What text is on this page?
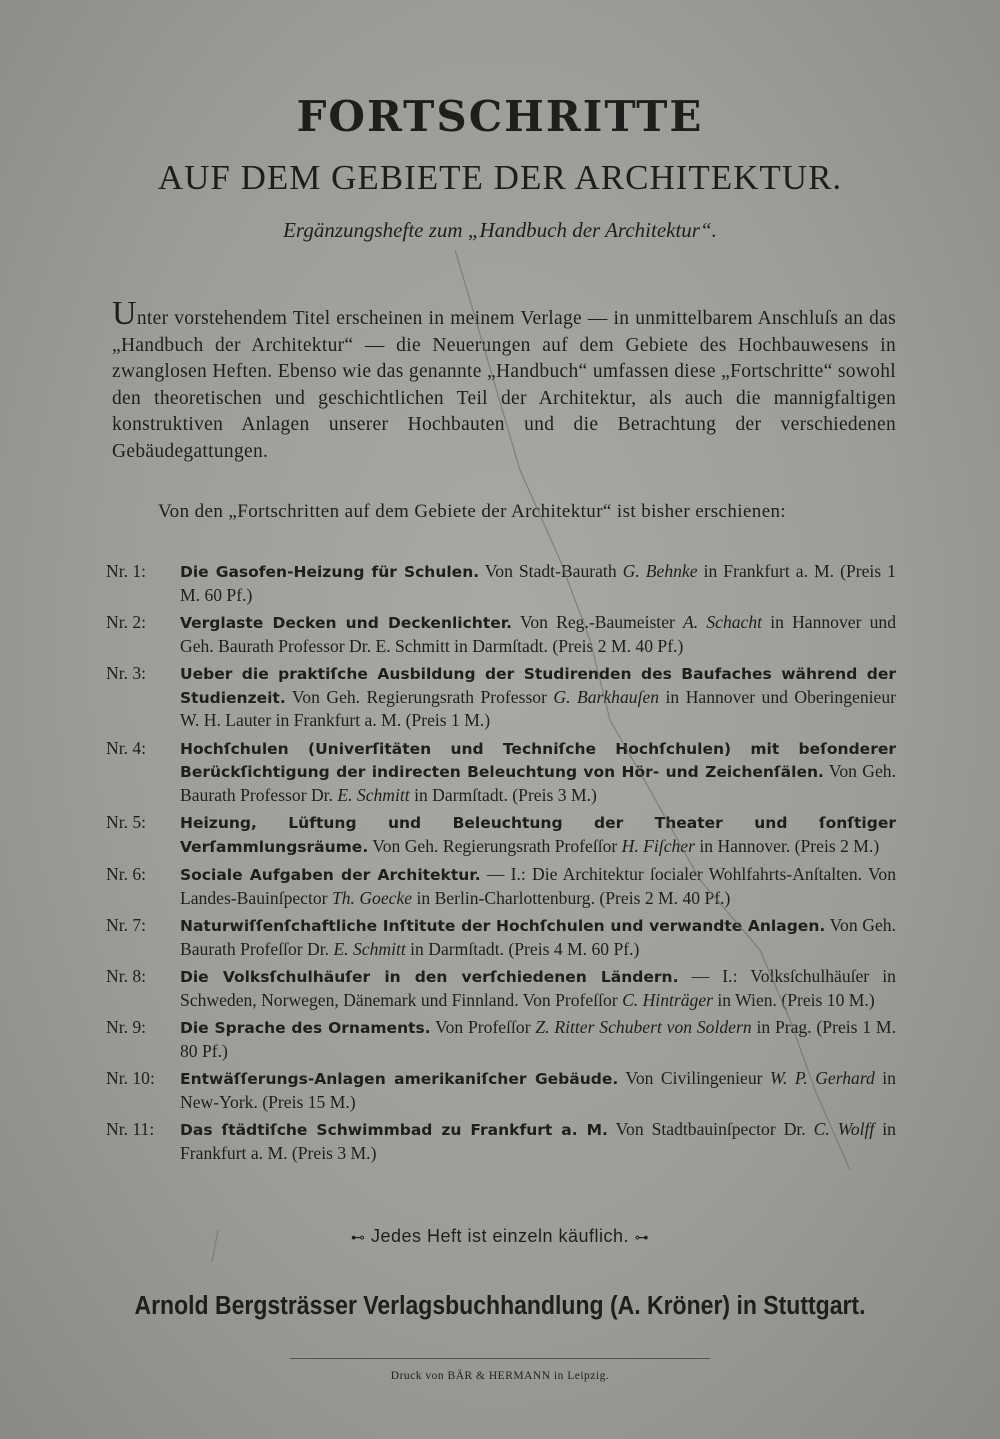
FORTSCHRITTE
AUF DEM GEBIETE DER ARCHITEKTUR.
Ergänzungshefte zum „Handbuch der Architektur“.
Unter vorstehendem Titel erscheinen in meinem Verlage — in unmittelbarem Anschluſs an das „Handbuch der Architektur“ — die Neuerungen auf dem Gebiete des Hochbauwesens in zwanglosen Heften. Ebenso wie das genannte „Handbuch“ umfassen diese „Fortschritte“ sowohl den theoretischen und geschichtlichen Teil der Architektur, als auch die mannigfaltigen konstruktiven Anlagen unserer Hochbauten und die Betrachtung der verschiedenen Gebäudegattungen.
Von den „Fortschritten auf dem Gebiete der Architektur“ ist bisher erschienen:
Nr. 1:	Die Gasofen-Heizung für Schulen. Von Stadt-Baurath G. Behnke in Frankfurt a. M. (Preis 1 M. 60 Pf.)
Nr. 2:	Verglaste Decken und Deckenlichter. Von Reg.-Baumeister A. Schacht in Hannover und Geh. Baurath Professor Dr. E. Schmitt in Darmſtadt. (Preis 2 M. 40 Pf.)
Nr. 3:	Ueber die praktiſche Ausbildung der Studirenden des Baufaches während der Studienzeit. Von Geh. Regierungsrath Professor G. Barkhauſen in Hannover und Oberingenieur W. H. Lauter in Frankfurt a. M. (Preis 1 M.)
Nr. 4:	Hochſchulen (Univerſitäten und Techniſche Hochſchulen) mit beſonderer Berückſichtigung der indirecten Beleuchtung von Hör- und Zeichenſälen. Von Geh. Baurath Professor Dr. E. Schmitt in Darmſtadt. (Preis 3 M.)
Nr. 5:	Heizung, Lüftung und Beleuchtung der Theater und ſonſtiger Verſammlungsräume. Von Geh. Regierungsrath Profeſſor H. Fiſcher in Hannover. (Preis 2 M.)
Nr. 6:	Sociale Aufgaben der Architektur. — I.: Die Architektur ſocialer Wohlfahrts-Anſtalten. Von Landes-Bauinſpector Th. Goecke in Berlin-Charlottenburg. (Preis 2 M. 40 Pf.)
Nr. 7:	Naturwiſſenſchaftliche Inſtitute der Hochſchulen und verwandte Anlagen. Von Geh. Baurath Profeſſor Dr. E. Schmitt in Darmſtadt. (Preis 4 M. 60 Pf.)
Nr. 8:	Die Volksſchulhäuſer in den verſchiedenen Ländern. — I.: Volksſchulhäuſer in Schweden, Norwegen, Dänemark und Finnland. Von Profeſſor C. Hinträger in Wien. (Preis 10 M.)
Nr. 9:	Die Sprache des Ornaments. Von Profeſſor Z. Ritter Schubert von Soldern in Prag. (Preis 1 M. 80 Pf.)
Nr. 10:	Entwäſſerungs-Anlagen amerikaniſcher Gebäude. Von Civilingenieur W. P. Gerhard in New-York. (Preis 15 M.)
Nr. 11:	Das ſtädtiſche Schwimmbad zu Frankfurt a. M. Von Stadtbauinſpector Dr. C. Wolff in Frankfurt a. M. (Preis 3 M.)
⊷ Jedes Heft ist einzeln käuflich. ⊶
Arnold Bergsträsser Verlagsbuchhandlung (A. Kröner) in Stuttgart.
Druck von BÄR & HERMANN in Leipzig.
